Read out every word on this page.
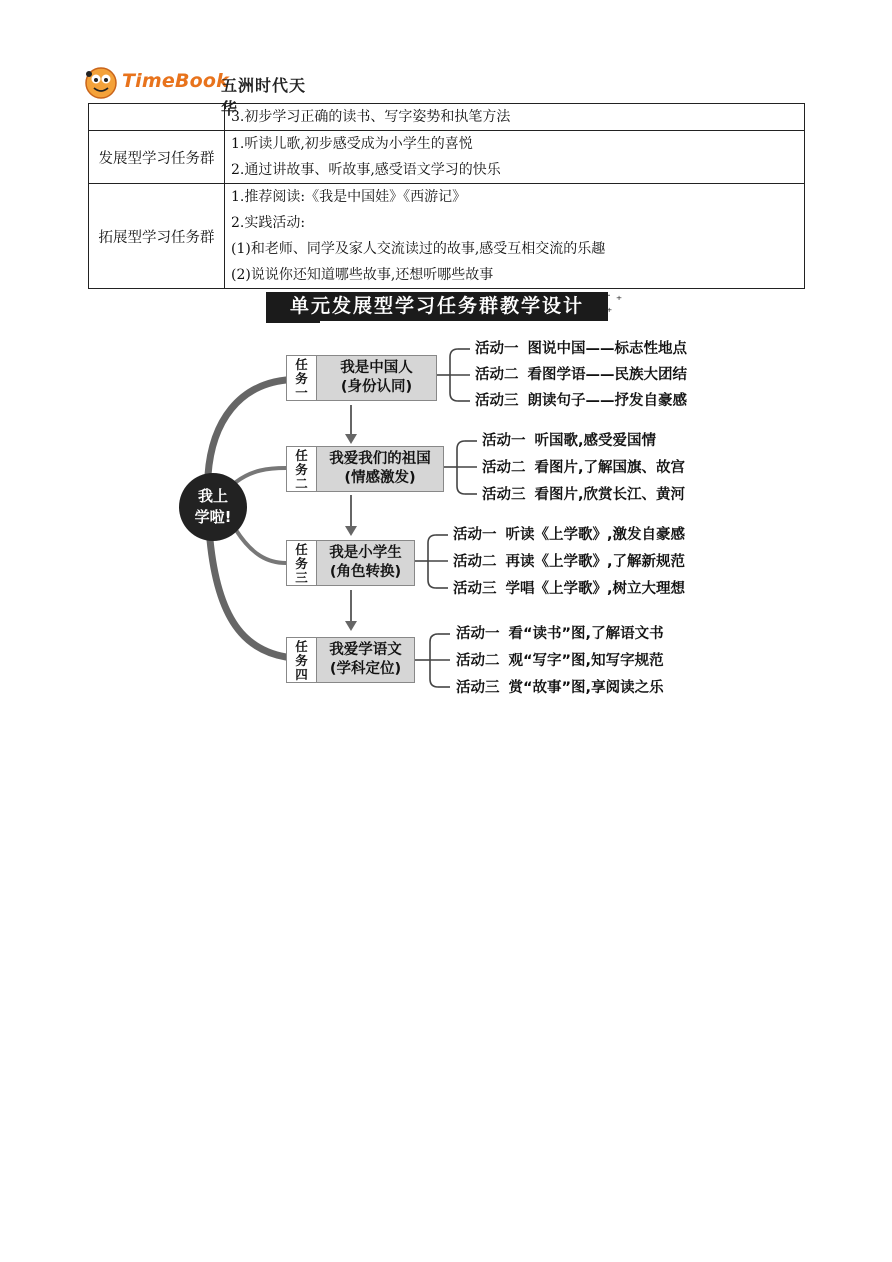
TimeBook
五洲时代天华

	3.初步学习正确的读书、写字姿势和执笔方法

发展型学习任务群	1.听读儿歌,初步感受成为小学生的喜悦
2.通过讲故事、听故事,感受语文学习的快乐

拓展型学习任务群	1.推荐阅读:《我是中国娃》《西游记》
2.实践活动:
(1)和老师、同学及家人交流读过的故事,感受互相交流的乐趣
(2)说说你还知道哪些故事,还想听哪些故事
单元发展型学习任务群教学设计	˙ ⁺
⁺
我上
学啦!
任
务
一
我是中国人
(身份认同)
活动一 图说中国——标志性地点
活动二 看图学语——民族大团结
活动三 朗读句子——抒发自豪感
任
务
二
我爱我们的祖国
(情感激发)
活动一 听国歌,感受爱国情
活动二 看图片,了解国旗、故宫
活动三 看图片,欣赏长江、黄河
任
务
三
我是小学生
(角色转换)
活动一 听读《上学歌》,激发自豪感
活动二 再读《上学歌》,了解新规范
活动三 学唱《上学歌》,树立大理想
任
务
四
我爱学语文
(学科定位)
活动一 看“读书”图,了解语文书
活动二 观“写字”图,知写字规范
活动三 赏“故事”图,享阅读之乐
